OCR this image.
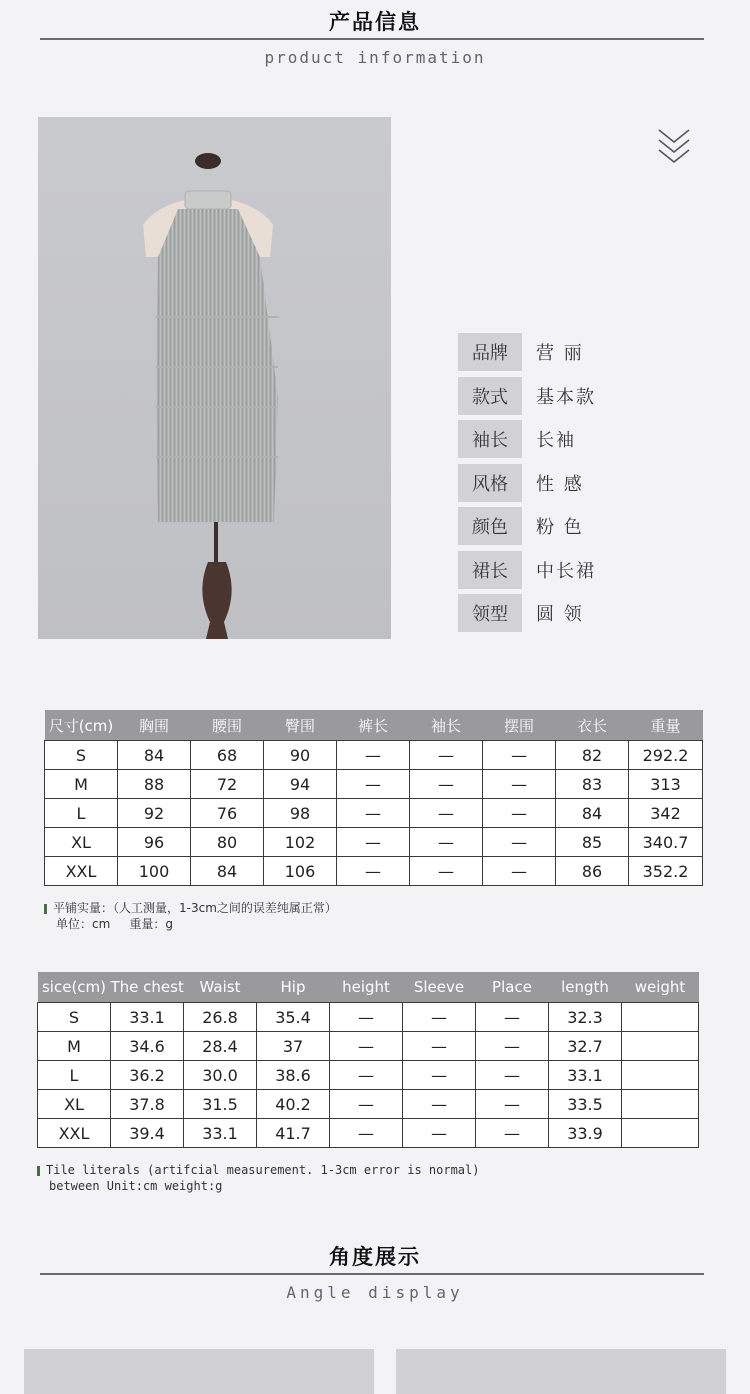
产品信息
product information
品牌	营 丽
款式	基本款
袖长	长袖
风格	性 感
颜色	粉 色
裙长	中长裙
领型	圆 领
尺寸(cm)	胸围	腰围	臀围	裤长	袖长	摆围	衣长	重量
S	84	68	90	—	—	—	82	292.2
M	88	72	94	—	—	—	83	313
L	92	76	98	—	—	—	84	342
XL	96	80	102	—	—	—	85	340.7
XXL	100	84	106	—	—	—	86	352.2
平铺实量：（人工测量，1-3cm之间的误差纯属正常）
单位：cm     重量：g
sice(cm)	The chest	Waist	Hip	height	Sleeve	Place	length	weight
S	33.1	26.8	35.4	—	—	—	32.3	
M	34.6	28.4	37	—	—	—	32.7	
L	36.2	30.0	38.6	—	—	—	33.1	
XL	37.8	31.5	40.2	—	—	—	33.5	
XXL	39.4	33.1	41.7	—	—	—	33.9	
Tile literals (artifcial measurement. 1-3cm error is normal)
between Unit:cm weight:g
角度展示
Angle display
